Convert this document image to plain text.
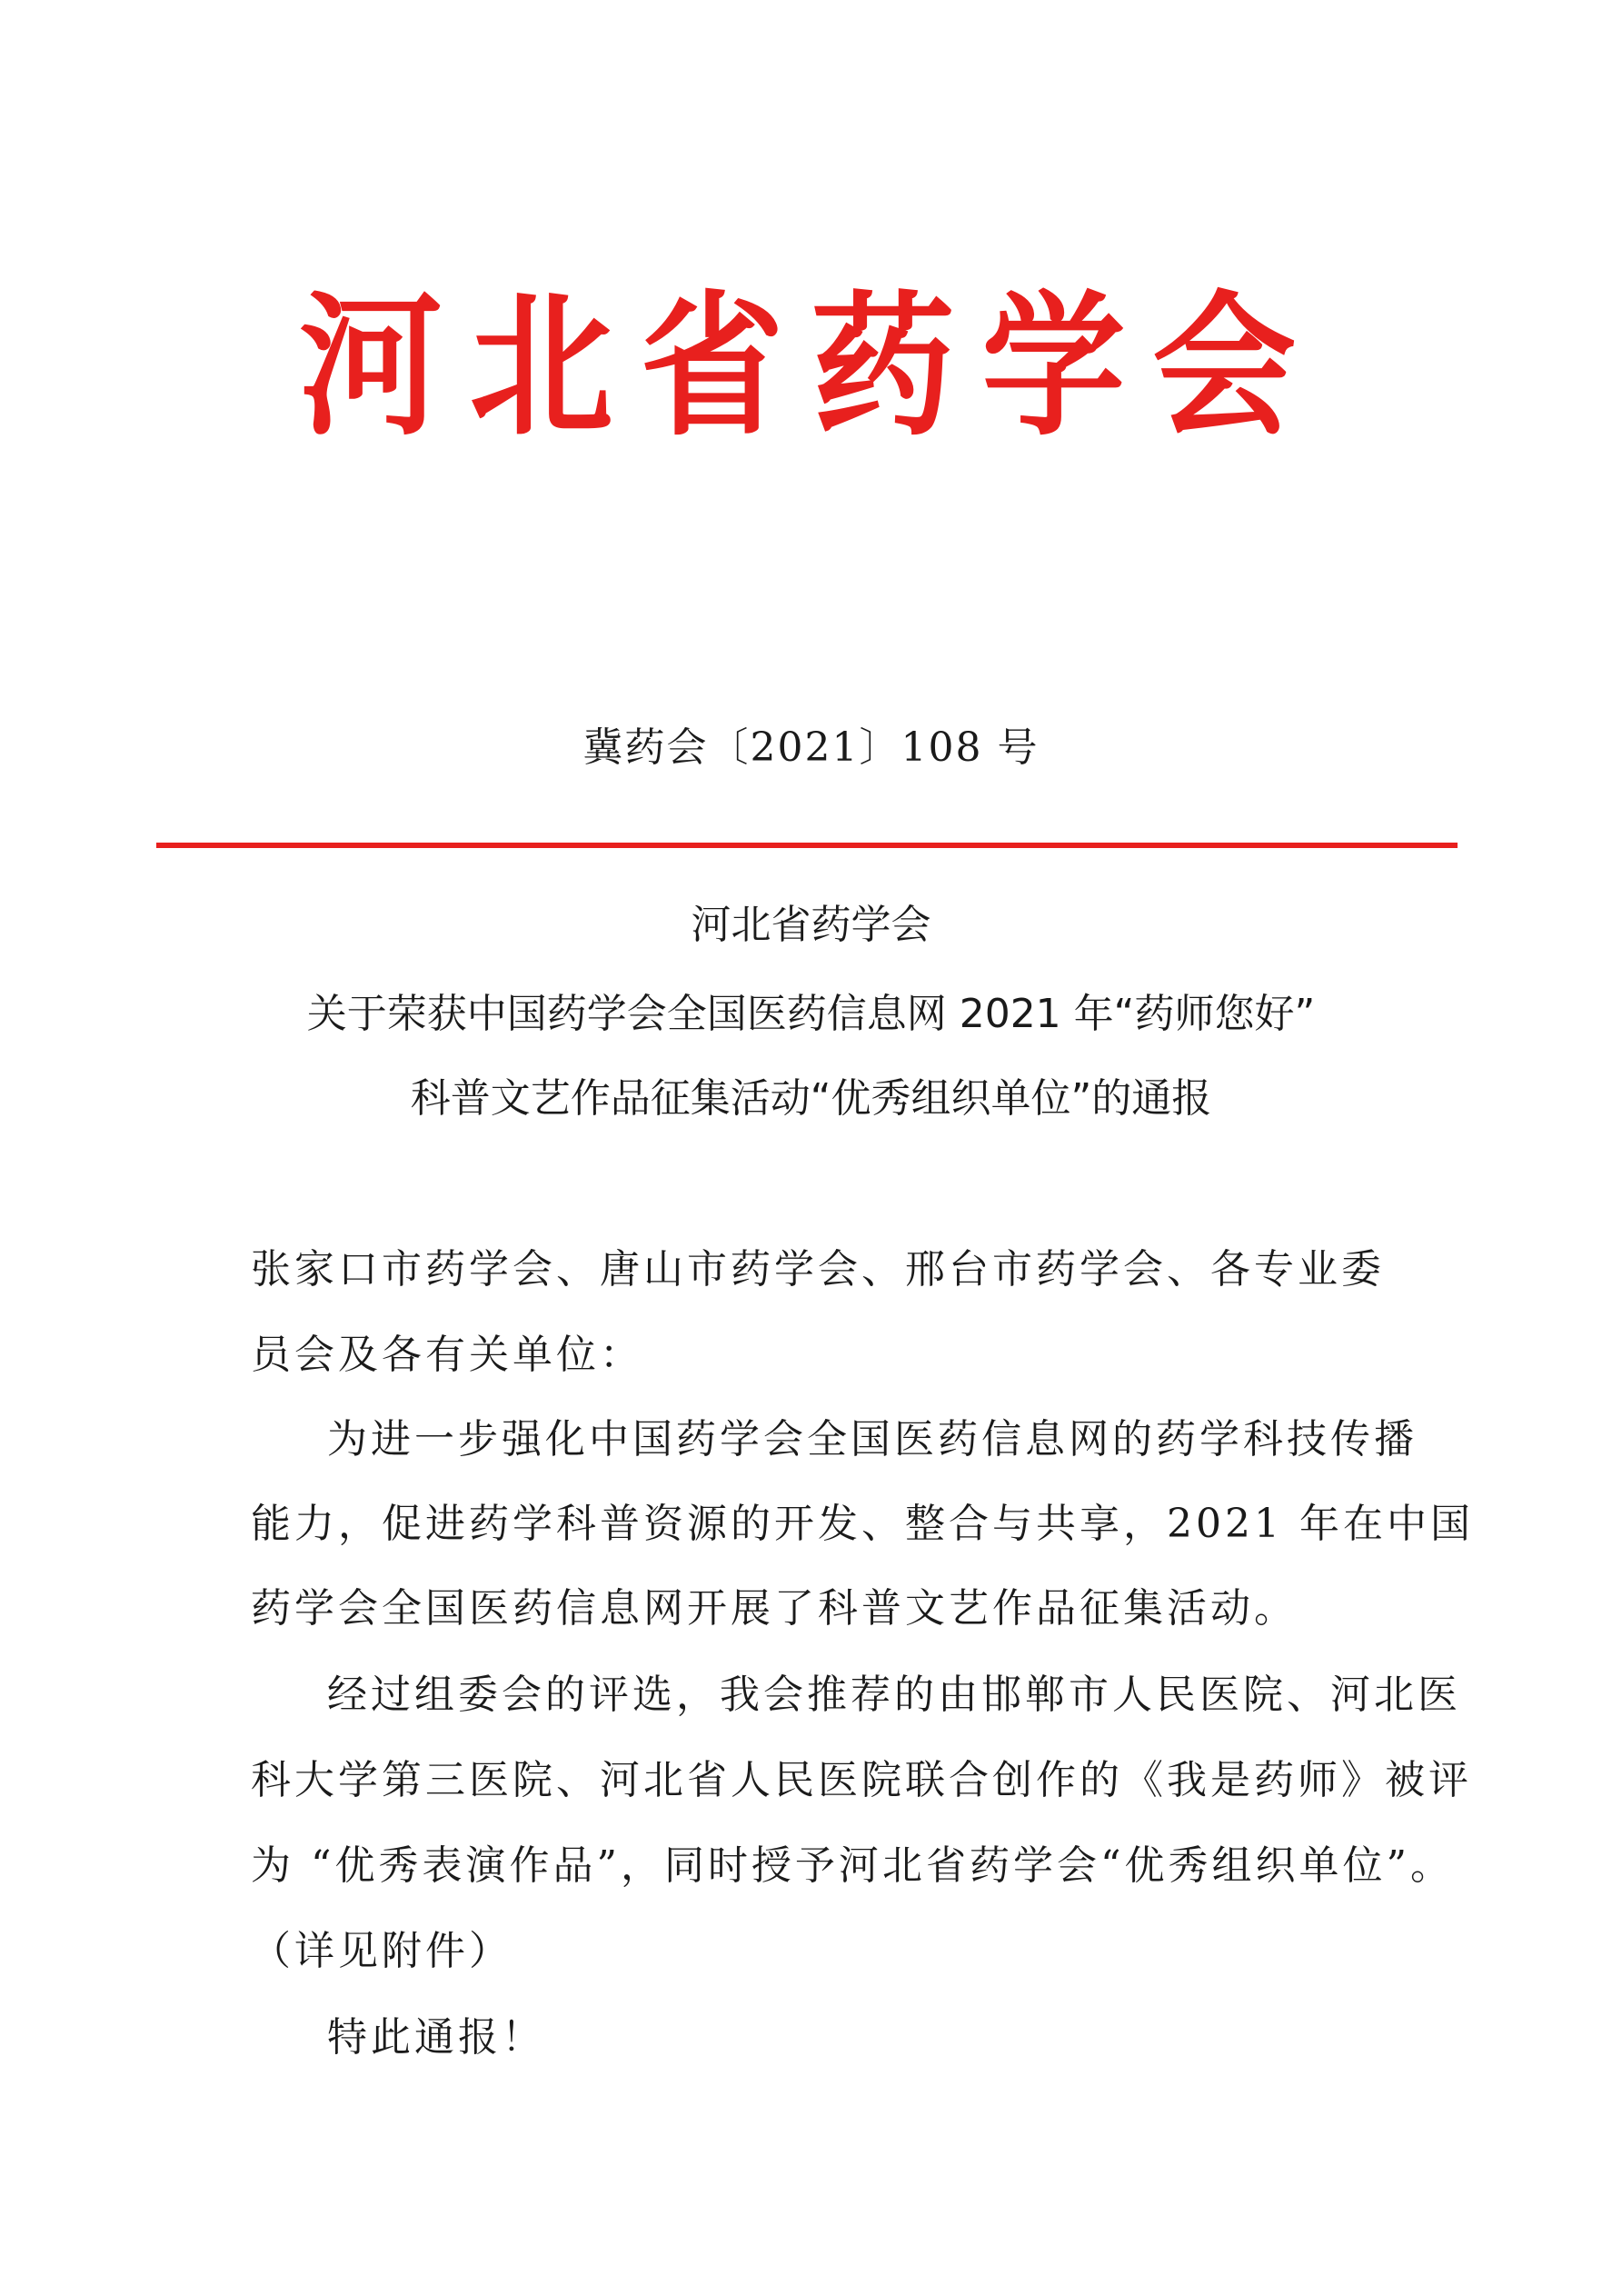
河北省药学会
冀药会〔2021〕108 号
河北省药学会
关于荣获中国药学会全国医药信息网 2021 年“药师您好”
科普文艺作品征集活动“优秀组织单位”的通报
张家口市药学会、唐山市药学会、邢台市药学会、各专业委
员会及各有关单位：
为进一步强化中国药学会全国医药信息网的药学科技传播
能力，促进药学科普资源的开发、整合与共享，2021 年在中国
药学会全国医药信息网开展了科普文艺作品征集活动。
经过组委会的评选，我会推荐的由邯郸市人民医院、河北医
科大学第三医院、河北省人民医院联合创作的《我是药师》被评
为 “优秀表演作品”，同时授予河北省药学会“优秀组织单位”。
（详见附件）
特此通报！
